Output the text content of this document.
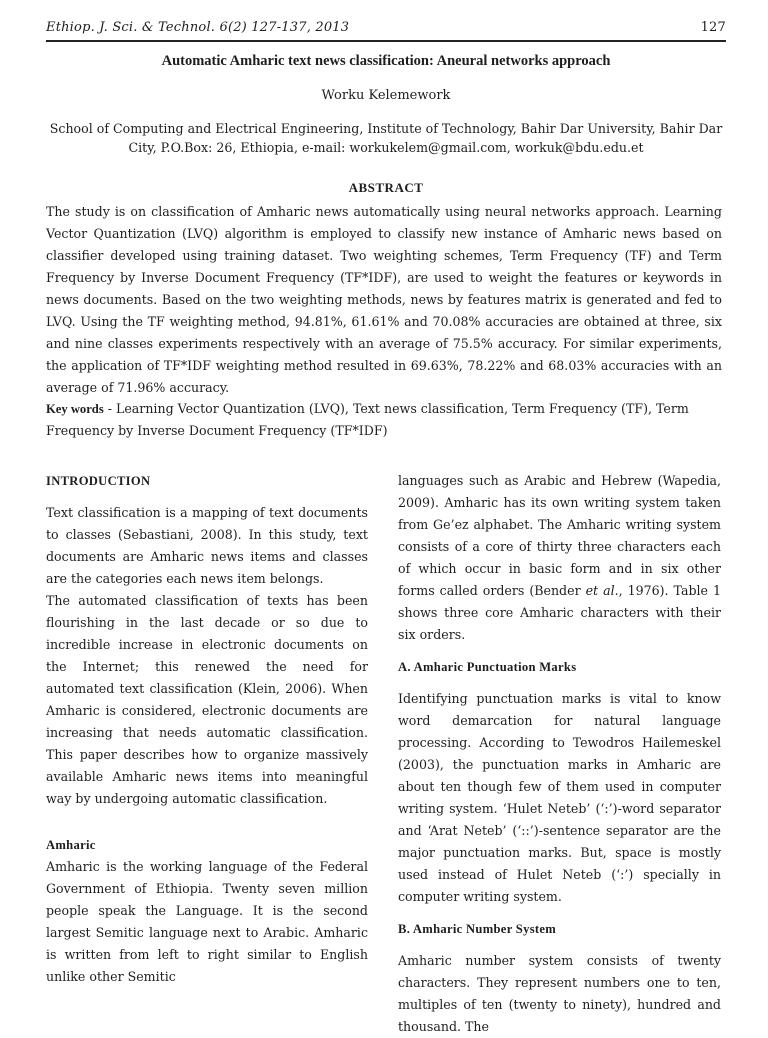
Ethiop. J. Sci. & Technol. 6(2) 127-137, 2013	127
Automatic Amharic text news classification: Aneural networks approach
Worku Kelemework
School of Computing and Electrical Engineering, Institute of Technology, Bahir Dar University, Bahir Dar
City, P.O.Box: 26, Ethiopia, e-mail: workukelem@gmail.com, workuk@bdu.edu.et
ABSTRACT
The study is on classification of Amharic news automatically using neural networks approach. Learning Vector Quantization (LVQ) algorithm is employed to classify new instance of Amharic news based on classifier developed using training dataset. Two weighting schemes, Term Frequency (TF) and Term Frequency by Inverse Document Frequency (TF*IDF), are used to weight the features or keywords in news documents. Based on the two weighting methods, news by features matrix is generated and fed to LVQ. Using the TF weighting method, 94.81%, 61.61% and 70.08% accuracies are obtained at three, six and nine classes experiments respectively with an average of 75.5% accuracy. For similar experiments, the application of TF*IDF weighting method resulted in 69.63%, 78.22% and 68.03% accuracies with an average of 71.96% accuracy.
Key words - Learning Vector Quantization (LVQ), Text news classification, Term Frequency (TF), Term Frequency by Inverse Document Frequency (TF*IDF)

INTRODUCTION

Text classification is a mapping of text documents to classes (Sebastiani, 2008). In this study, text documents are Amharic news items and classes are the categories each news item belongs.

The automated classification of texts has been flourishing in the last decade or so due to incredible increase in electronic documents on the Internet; this renewed the need for automated text classification (Klein, 2006). When Amharic is considered, electronic documents are increasing that needs automatic classification. This paper describes how to organize massively available Amharic news items into meaningful way by undergoing automatic classification.

Amharic

Amharic is the working language of the Federal Government of Ethiopia. Twenty seven million people speak the Language. It is the second largest Semitic language next to Arabic. Amharic is written from left to right similar to English unlike other Semitic

languages such as Arabic and Hebrew (Wapedia, 2009). Amharic has its own writing system taken from Ge’ez alphabet. The Amharic writing system consists of a core of thirty three characters each of which occur in basic form and in six other forms called orders (Bender et al., 1976). Table 1 shows three core Amharic characters with their six orders.

A. Amharic Punctuation Marks

Identifying punctuation marks is vital to know word demarcation for natural language processing. According to Tewodros Hailemeskel (2003), the punctuation marks in Amharic are about ten though few of them used in computer writing system. ‘Hulet Neteb’ (‘:’)-word separator and ‘Arat Neteb’ (‘::’)-sentence separator are the major punctuation marks. But, space is mostly used instead of Hulet Neteb (‘:’) specially in computer writing system.

B. Amharic Number System

Amharic number system consists of twenty characters. They represent numbers one to ten, multiples of ten (twenty to ninety), hundred and thousand. The
